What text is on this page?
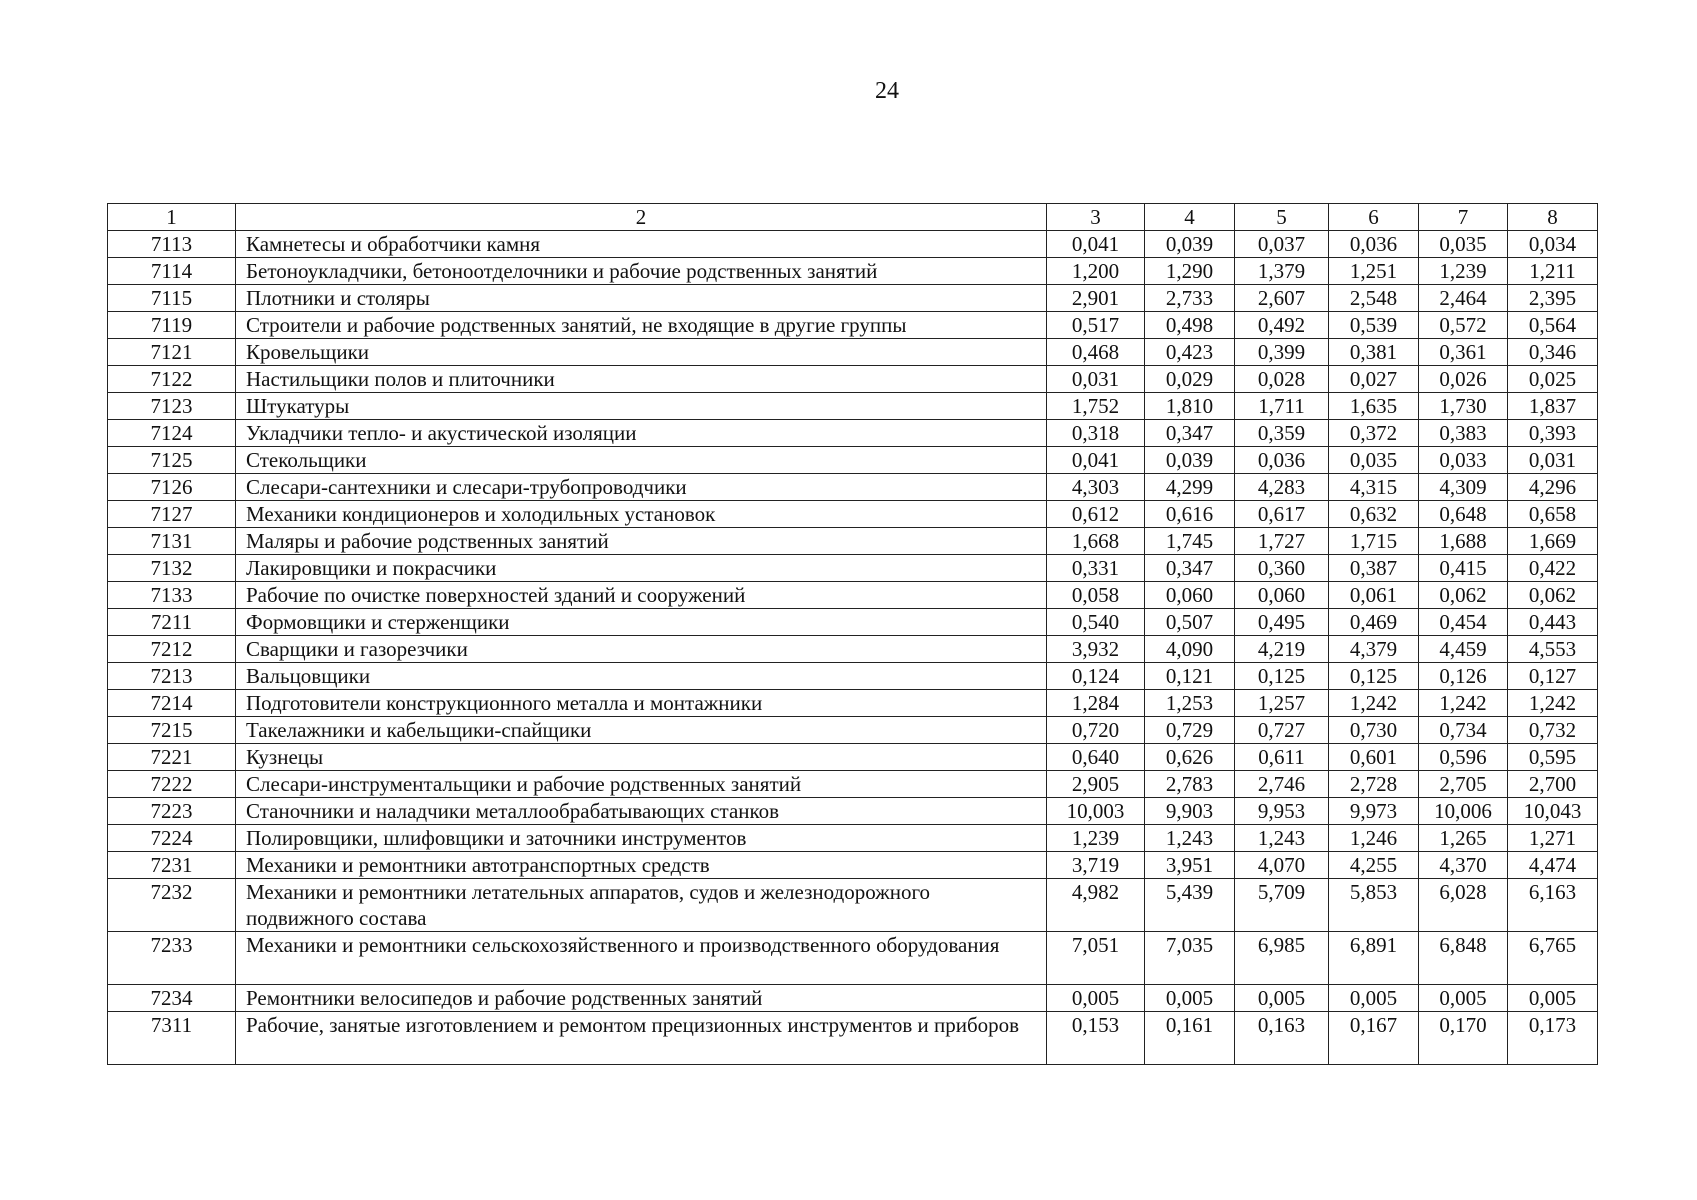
24
1	2	3	4	5	6	7	8
7113	Камнетесы и обработчики камня	0,041	0,039	0,037	0,036	0,035	0,034
7114	Бетоноукладчики, бетоноотделочники и рабочие родственных занятий	1,200	1,290	1,379	1,251	1,239	1,211
7115	Плотники и столяры	2,901	2,733	2,607	2,548	2,464	2,395
7119	Строители и рабочие родственных занятий, не входящие в другие группы	0,517	0,498	0,492	0,539	0,572	0,564
7121	Кровельщики	0,468	0,423	0,399	0,381	0,361	0,346
7122	Настильщики полов и плиточники	0,031	0,029	0,028	0,027	0,026	0,025
7123	Штукатуры	1,752	1,810	1,711	1,635	1,730	1,837
7124	Укладчики тепло- и акустической изоляции	0,318	0,347	0,359	0,372	0,383	0,393
7125	Стекольщики	0,041	0,039	0,036	0,035	0,033	0,031
7126	Слесари-сантехники и слесари-трубопроводчики	4,303	4,299	4,283	4,315	4,309	4,296
7127	Механики кондиционеров и холодильных установок	0,612	0,616	0,617	0,632	0,648	0,658
7131	Маляры и рабочие родственных занятий	1,668	1,745	1,727	1,715	1,688	1,669
7132	Лакировщики и покрасчики	0,331	0,347	0,360	0,387	0,415	0,422
7133	Рабочие по очистке поверхностей зданий и сооружений	0,058	0,060	0,060	0,061	0,062	0,062
7211	Формовщики и стерженщики	0,540	0,507	0,495	0,469	0,454	0,443
7212	Сварщики и газорезчики	3,932	4,090	4,219	4,379	4,459	4,553
7213	Вальцовщики	0,124	0,121	0,125	0,125	0,126	0,127
7214	Подготовители конструкционного металла и монтажники	1,284	1,253	1,257	1,242	1,242	1,242
7215	Такелажники и кабельщики-спайщики	0,720	0,729	0,727	0,730	0,734	0,732
7221	Кузнецы	0,640	0,626	0,611	0,601	0,596	0,595
7222	Слесари-инструментальщики и рабочие родственных занятий	2,905	2,783	2,746	2,728	2,705	2,700
7223	Станочники и наладчики металлообрабатывающих станков	10,003	9,903	9,953	9,973	10,006	10,043
7224	Полировщики, шлифовщики и заточники инструментов	1,239	1,243	1,243	1,246	1,265	1,271
7231	Механики и ремонтники автотранспортных средств	3,719	3,951	4,070	4,255	4,370	4,474
7232	Механики и ремонтники летательных аппаратов, судов и железнодорожного подвижного состава	4,982	5,439	5,709	5,853	6,028	6,163
7233	Механики и ремонтники сельскохозяйственного и производственного оборудования	7,051	7,035	6,985	6,891	6,848	6,765
7234	Ремонтники велосипедов и рабочие родственных занятий	0,005	0,005	0,005	0,005	0,005	0,005
7311	Рабочие, занятые изготовлением и ремонтом прецизионных инструментов и приборов	0,153	0,161	0,163	0,167	0,170	0,173
